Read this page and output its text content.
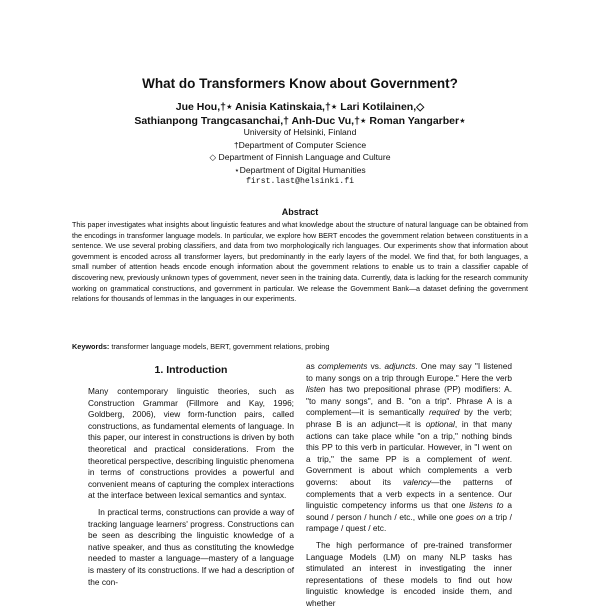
What do Transformers Know about Government?
Jue Hou,†⋆ Anisia Katinskaia,†⋆ Lari Kotilainen,◇
Sathianpong Trangcasanchai,† Anh-Duc Vu,†⋆ Roman Yangarber⋆
University of Helsinki, Finland
†Department of Computer Science
◇ Department of Finnish Language and Culture
⋆Department of Digital Humanities
first.last@helsinki.fi
Abstract
This paper investigates what insights about linguistic features and what knowledge about the structure of natural language can be obtained from the encodings in transformer language models. In particular, we explore how BERT encodes the government relation between constituents in a sentence. We use several probing classifiers, and data from two morphologically rich languages. Our experiments show that information about government is encoded across all transformer layers, but predominantly in the early layers of the model. We find that, for both languages, a small number of attention heads encode enough information about the government relations to enable us to train a classifier capable of discovering new, previously unknown types of government, never seen in the training data. Currently, data is lacking for the research community working on grammatical constructions, and government in particular. We release the Government Bank—a dataset defining the government relations for thousands of lemmas in the languages in our experiments.
Keywords: transformer language models, BERT, government relations, probing
1. Introduction

Many contemporary linguistic theories, such as Construction Grammar (Fillmore and Kay, 1996; Goldberg, 2006), view form-function pairs, called constructions, as fundamental elements of language. In this paper, our interest in constructions is driven by both theoretical and practical considerations. From the theoretical perspective, describing linguistic phenomena in terms of constructions provides a powerful and convenient means of capturing the complex interactions at the interface between lexical semantics and syntax.

In practical terms, constructions can provide a way of tracking language learners' progress. Constructions can be seen as describing the linguistic knowledge of a native speaker, and thus as constituting the knowledge needed to master a language—mastery of a language is mastery of its constructions. If we had a description of the con-

as complements vs. adjuncts. One may say "I listened to many songs on a trip through Europe." Here the verb listen has two prepositional phrase (PP) modifiers: A. "to many songs", and B. "on a trip". Phrase A is a complement—it is semantically required by the verb; phrase B is an adjunct—it is optional, in that many actions can take place while "on a trip," nothing binds this PP to this verb in particular. However, in "I went on a trip," the same PP is a complement of went. Government is about which complements a verb governs: about its valency—the patterns of complements that a verb expects in a sentence. Our linguistic competency informs us that one listens to a sound / person / hunch / etc., while one goes on a trip / rampage / quest / etc.

The high performance of pre-trained transformer Language Models (LM) on many NLP tasks has stimulated an interest in investigating the inner representations of these models to find out how linguistic knowledge is encoded inside them, and whether
